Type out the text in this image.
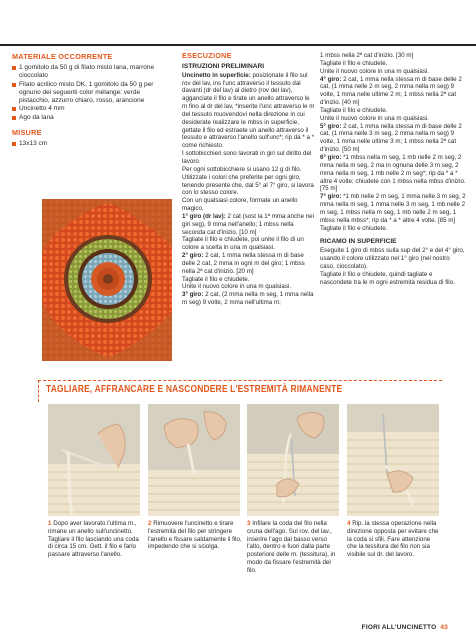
MATERIALE OCCORRENTE
1 gomitolo da 50 g di filato misto lana, marrone cioccolato
Filato acrilico misto DK, 1 gomitolo da 50 g per ognuno dei seguenti color mélange: verde pistacchio, azzurro chiaro, rosso, arancione
Uncinetto 4 mm
Ago da lana
MISURE
13x13 cm
ESECUZIONE
ISTRUZIONI PRELIMINARI
Uncinetto in superficie: posizionate il filo sul rov del lav, ins l'unc attraverso il tessuto dal davanti (dr del lav) al dietro (rov del lav), agganciate il filo e tirate un anello attraverso le m fino al dr del lav, *inserite l'unc attraverso le m del tessuto muovendovi nella direzione in cui desiderate realizzare le mbss in superficie, gettate il filo ed estraete un anello attraverso il tessuto e attraverso l'anello sull'unc*; rip da * a * come richiesto.
I sottobicchieri sono lavorati in giri sul diritto del lavoro.
Per ogni sottobicchiere si usano 12 g di filo. Utilizzate i colori che preferite per ogni giro, tenendo presente che, dal 5° al 7° giro, si lavora con lo stesso colore.
Con un qualsiasi colore, formate un anello magico.
1° giro (dr lav): 2 cat (sost la 1ª mma anche nei giri seg), 9 mma nell'anello; 1 mbss nella seconda cat d'inizio. [10 m]
Tagliate il filo e chiudete, poi unite il filo di un colore a scelta in una m qualsiasi.
2° giro: 2 cat, 1 mma nella stessa m di base delle 2 cat, 2 mma in ogni m del giro; 1 mbss nella 2ª cat d'inizio. [20 m]
Tagliate il filo e chiudete.
Unite il nuovo colore in una m qualsiasi.
3° giro: 2 cat, (2 mma nella m seg, 1 mma nella m seg) 9 volte, 2 mma nell'ultima m;
1 mbss nella 2ª cat d'inizio. [30 m]
Tagliate il filo e chiudete.
Unite il nuovo colore in una m qualsiasi.
4° giro: 2 cat, 1 mma nella stessa m di base delle 2 cat, (1 mma nelle 2 m seg, 2 mma nella m seg) 9 volte, 1 mma nelle ultime 2 m; 1 mbss nella 2ª cat d'inizio. [40 m]
Tagliate il filo e chiudete.
Unite il nuovo colore in una m qualsiasi.
5° giro: 2 cat, 1 mma nella stessa m di base delle 2 cat, (1 mma nelle 3 m seg, 2 mma nella m seg) 9 volte, 1 mma nelle ultime 3 m; 1 mbss nella 2ª cat d'inizio. [50 m]
6° giro: *1 mbss nella m seg, 1 mb nelle 2 m seg, 2 mma nella m seg, 2 ma in ognuna delle 3 m seg, 2 mma nella m seg, 1 mb nelle 2 m seg*; rip da * a * altre 4 volte; chiudete con 1 mbss nella mbss d'inizio. [75 m]
7° giro: *1 mb nelle 2 m seg, 1 mma nelle 3 m seg, 2 mma nella m seg, 1 mma nelle 3 m seg, 1 mb nelle 2 m seg, 1 mbss nella m seg, 1 mb nelle 2 m seg, 1 mbss nella mbss*; rip da * a * altre 4 volte. [85 m]
Tagliate il filo e chiudete.
RICAMO IN SUPERFICIE
Eseguite 1 giro di mbss sulla sup del 2° e del 4° giro, usando il colore utilizzato nel 1° giro (nel nostro caso, cioccolato).
Tagliate il filo e chiudete, quindi tagliate e nascondete tra le m ogni estremità residua di filo.
TAGLIARE, AFFRANCARE E NASCONDERE L'ESTREMITÀ RIMANENTE
1 Dopo aver lavorato l'ultima m., rimane un anello sull'uncinetto. Tagliare il filo lasciando una coda di circa 15 cm. Gett. il filo e farlo passare attraverso l'anello.
2 Rimuovere l'uncinetto e tirare l'estremità del filo per stringere l'anello e fissare saldamente il filo, impedendo che si sciolga.
3 Infilare la coda del filo nella cruna dell'ago. Sul rov. del lav., inserire l'ago dal basso verso l'alto, dentro e fuori dalla parte posteriore delle m. (tessitura), in modo da fissare l'estremità del filo.
4 Rip. la stessa operazione nella direzione opposta per evitare che la coda si sfili. Fare attenzione che la tessitura del filo non sia visibile sul dr. del lavoro.
FIORI ALL'UNCINETTO 43
